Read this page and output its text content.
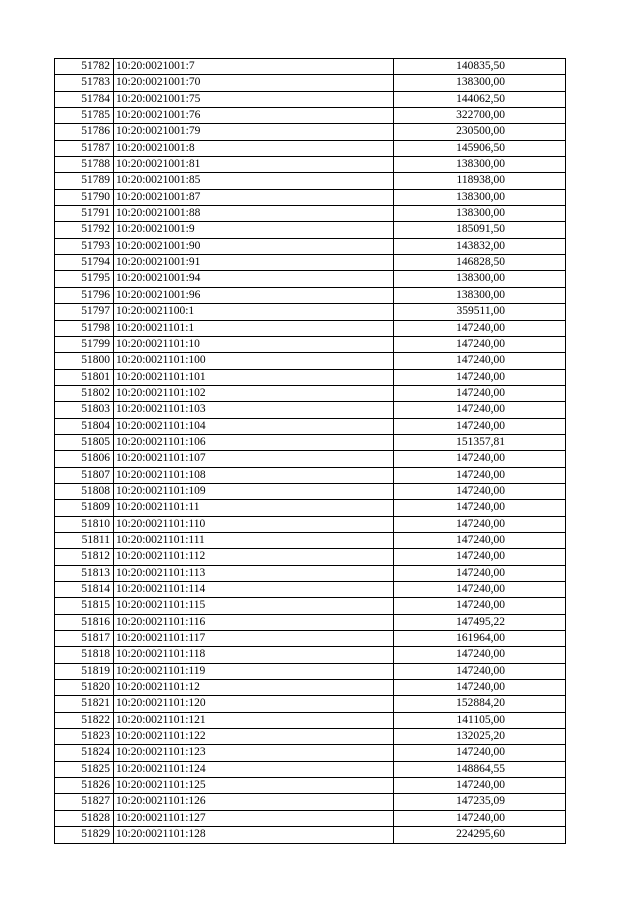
51782	10:20:0021001:7	140835,50
51783	10:20:0021001:70	138300,00
51784	10:20:0021001:75	144062,50
51785	10:20:0021001:76	322700,00
51786	10:20:0021001:79	230500,00
51787	10:20:0021001:8	145906,50
51788	10:20:0021001:81	138300,00
51789	10:20:0021001:85	118938,00
51790	10:20:0021001:87	138300,00
51791	10:20:0021001:88	138300,00
51792	10:20:0021001:9	185091,50
51793	10:20:0021001:90	143832,00
51794	10:20:0021001:91	146828,50
51795	10:20:0021001:94	138300,00
51796	10:20:0021001:96	138300,00
51797	10:20:0021100:1	359511,00
51798	10:20:0021101:1	147240,00
51799	10:20:0021101:10	147240,00
51800	10:20:0021101:100	147240,00
51801	10:20:0021101:101	147240,00
51802	10:20:0021101:102	147240,00
51803	10:20:0021101:103	147240,00
51804	10:20:0021101:104	147240,00
51805	10:20:0021101:106	151357,81
51806	10:20:0021101:107	147240,00
51807	10:20:0021101:108	147240,00
51808	10:20:0021101:109	147240,00
51809	10:20:0021101:11	147240,00
51810	10:20:0021101:110	147240,00
51811	10:20:0021101:111	147240,00
51812	10:20:0021101:112	147240,00
51813	10:20:0021101:113	147240,00
51814	10:20:0021101:114	147240,00
51815	10:20:0021101:115	147240,00
51816	10:20:0021101:116	147495,22
51817	10:20:0021101:117	161964,00
51818	10:20:0021101:118	147240,00
51819	10:20:0021101:119	147240,00
51820	10:20:0021101:12	147240,00
51821	10:20:0021101:120	152884,20
51822	10:20:0021101:121	141105,00
51823	10:20:0021101:122	132025,20
51824	10:20:0021101:123	147240,00
51825	10:20:0021101:124	148864,55
51826	10:20:0021101:125	147240,00
51827	10:20:0021101:126	147235,09
51828	10:20:0021101:127	147240,00
51829	10:20:0021101:128	224295,60
